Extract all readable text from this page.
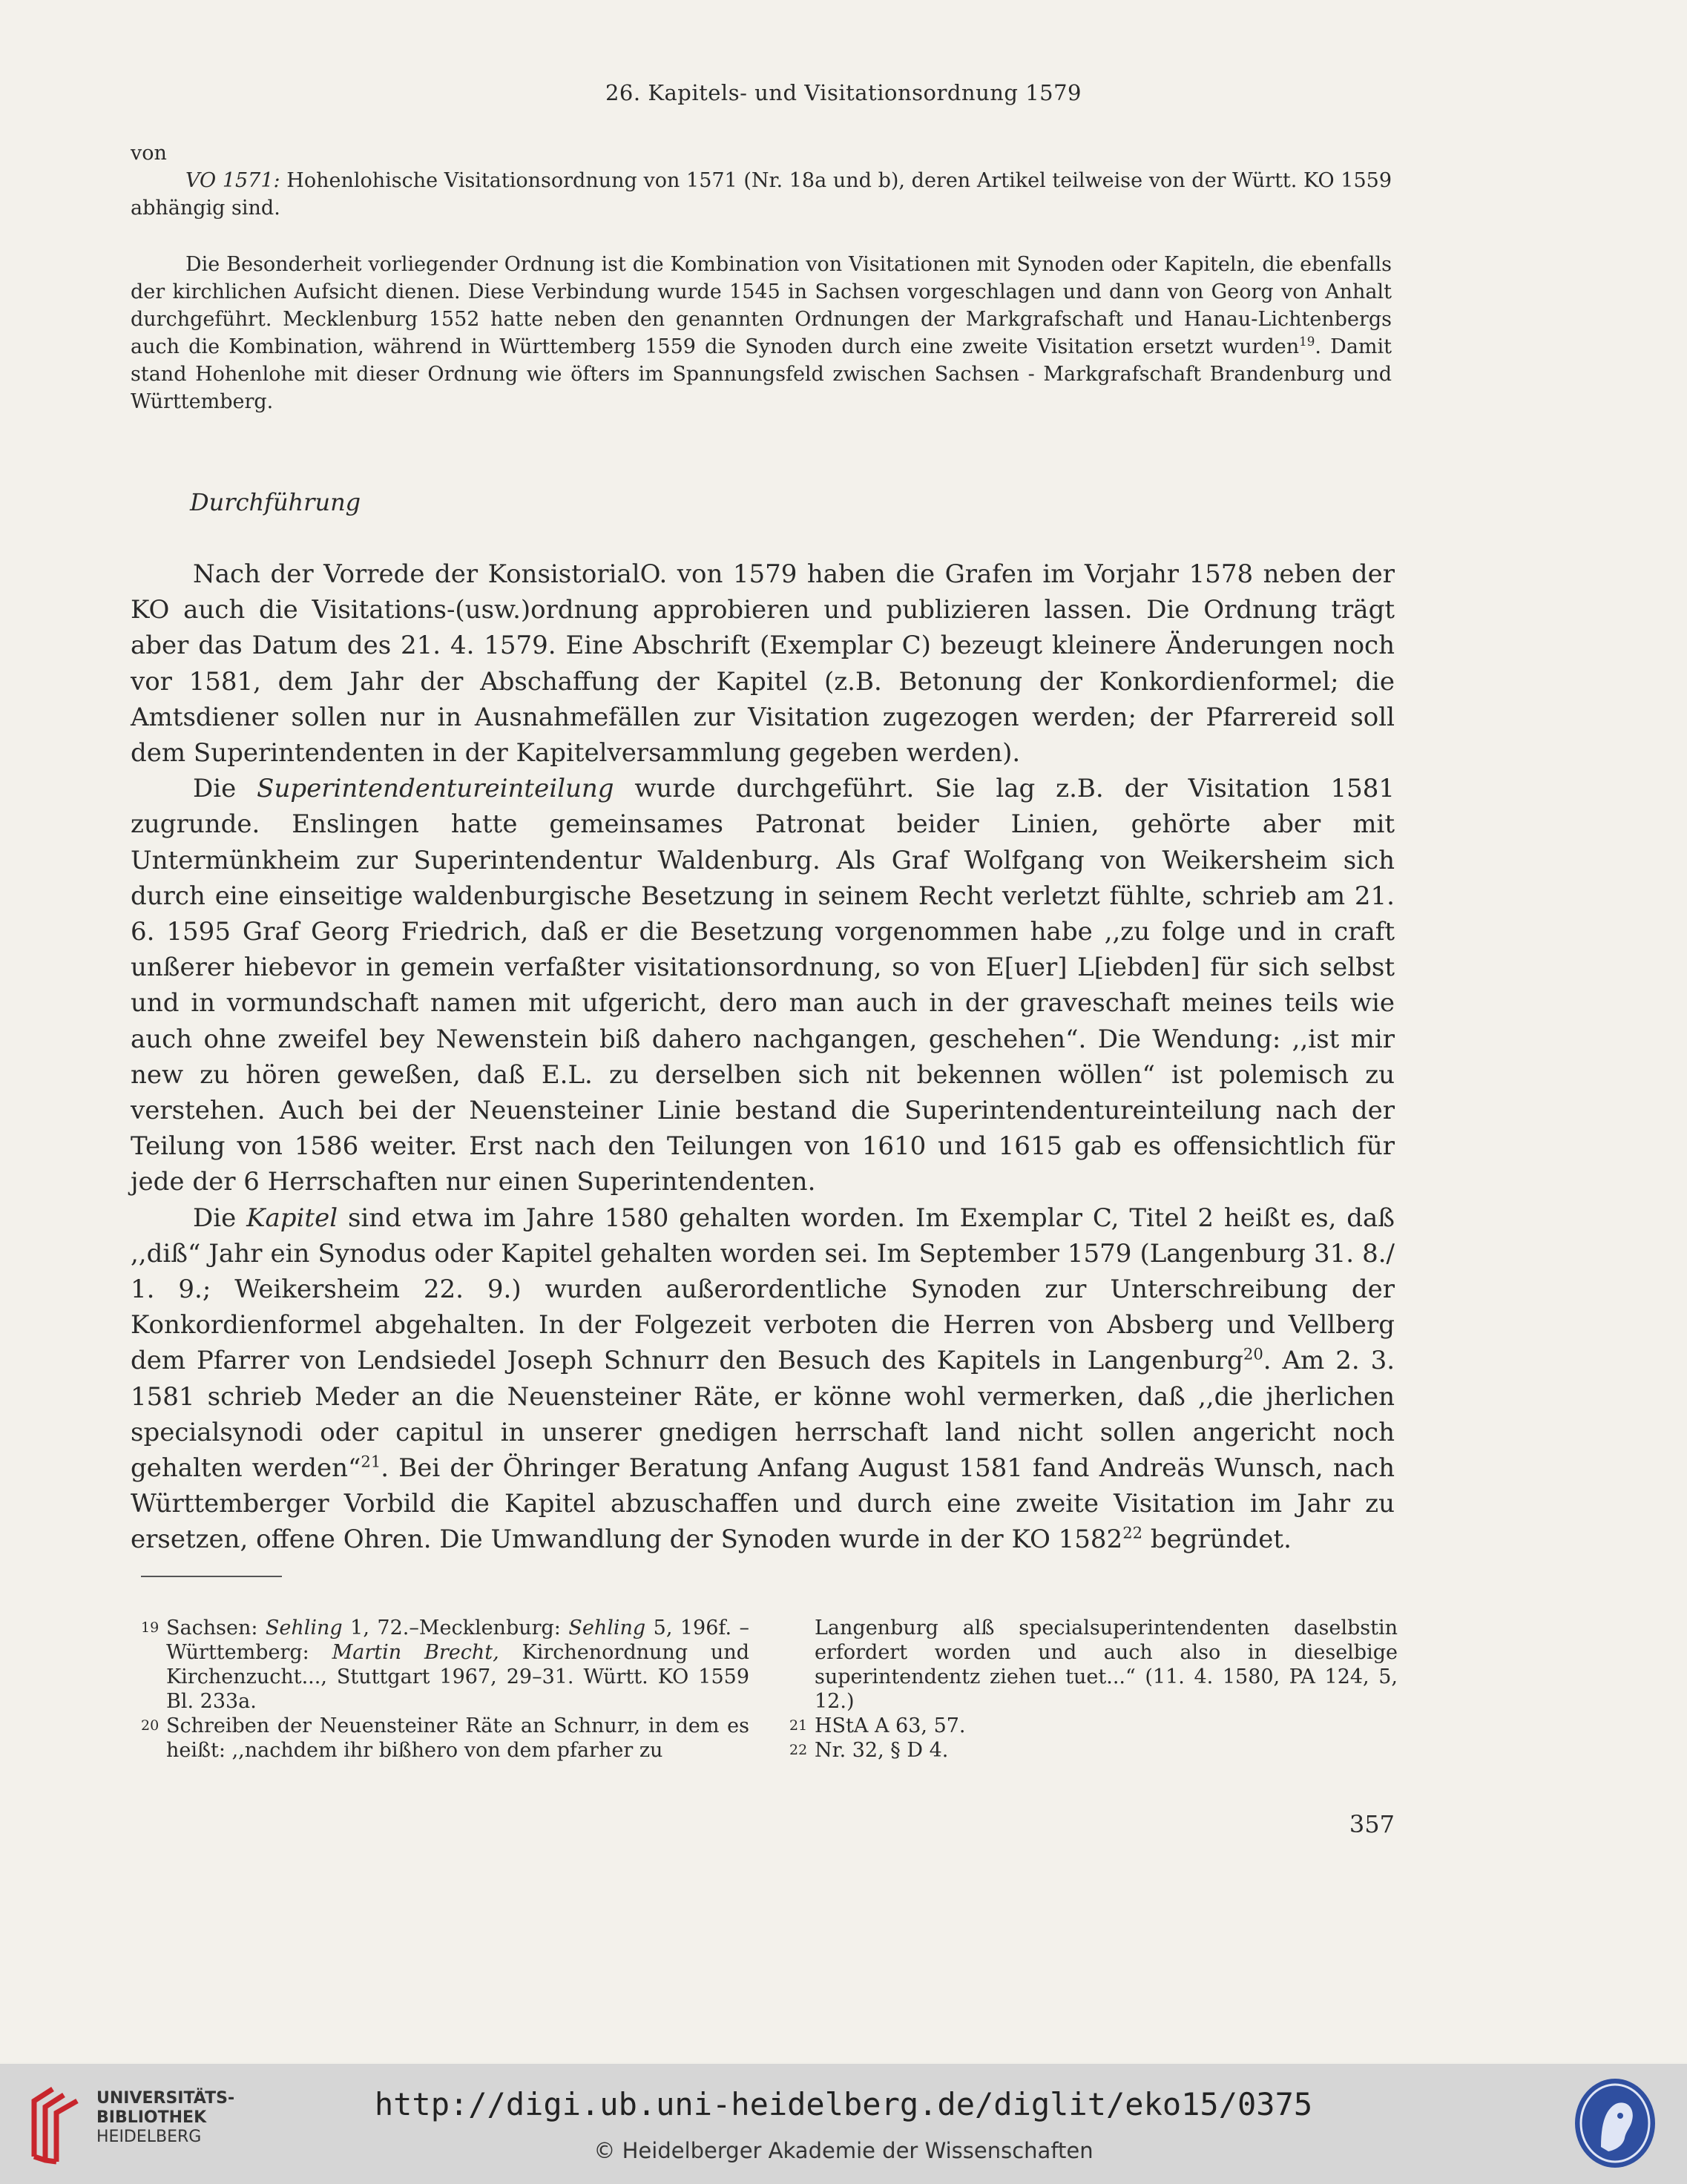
26. Kapitels- und Visitationsordnung 1579

von

VO 1571: Hohenlohische Visitationsordnung von 1571 (Nr. 18a und b), deren Artikel teilweise von der Württ. KO 1559 abhängig sind.

Die Besonderheit vorliegender Ordnung ist die Kombination von Visitationen mit Synoden oder Kapiteln, die ebenfalls der kirchlichen Aufsicht dienen. Diese Verbindung wurde 1545 in Sachsen vorgeschlagen und dann von Georg von Anhalt durchgeführt. Mecklenburg 1552 hatte neben den genannten Ordnungen der Markgrafschaft und Hanau-Lichtenbergs auch die Kombination, während in Württemberg 1559 die Synoden durch eine zweite Visitation ersetzt wurden$^{19}$. Damit stand Hohenlohe mit dieser Ordnung wie öfters im Spannungsfeld zwischen Sachsen - Markgrafschaft Brandenburg und Württemberg.
Durchführung

Nach der Vorrede der KonsistorialO. von 1579 haben die Grafen im Vorjahr 1578 neben der KO auch die Visitations-(usw.)ordnung approbieren und publizieren lassen. Die Ordnung trägt aber das Datum des 21. 4. 1579. Eine Abschrift (Exemplar C) bezeugt kleinere Änderungen noch vor 1581, dem Jahr der Abschaffung der Kapitel (z.B. Betonung der Konkordienformel; die Amtsdiener sollen nur in Ausnahmefällen zur Visitation zugezogen werden; der Pfarrereid soll dem Superintendenten in der Kapitelversammlung gegeben werden).

Die Superintendentureinteilung wurde durchgeführt. Sie lag z.B. der Visitation 1581 zugrunde. Enslingen hatte gemeinsames Patronat beider Linien, gehörte aber mit Untermünkheim zur Superintendentur Waldenburg. Als Graf Wolfgang von Weikersheim sich durch eine einseitige waldenburgische Besetzung in seinem Recht verletzt fühlte, schrieb am 21. 6. 1595 Graf Georg Friedrich, daß er die Besetzung vorgenommen habe ,,zu folge und in craft unßerer hiebevor in gemein verfaßter visitationsordnung, so von E[uer] L[iebden] für sich selbst und in vormundschaft namen mit ufgericht, dero man auch in der graveschaft meines teils wie auch ohne zweifel bey Newenstein biß dahero nachgangen, geschehen“. Die Wendung: ,,ist mir new zu hören geweßen, daß E.L. zu derselben sich nit bekennen wöllen“ ist polemisch zu verstehen. Auch bei der Neuensteiner Linie bestand die Superintendentureinteilung nach der Teilung von 1586 weiter. Erst nach den Teilungen von 1610 und 1615 gab es offensichtlich für jede der 6 Herrschaften nur einen Superintendenten.

Die Kapitel sind etwa im Jahre 1580 gehalten worden. Im Exemplar C, Titel 2 heißt es, daß ,,diß“ Jahr ein Synodus oder Kapitel gehalten worden sei. Im September 1579 (Langenburg 31. 8./ 1. 9.; Weikersheim 22. 9.) wurden außerordentliche Synoden zur Unterschreibung der Konkordienformel abgehalten. In der Folgezeit verboten die Herren von Absberg und Vellberg dem Pfarrer von Lendsiedel Joseph Schnurr den Besuch des Kapitels in Langenburg$^{20}$. Am 2. 3. 1581 schrieb Meder an die Neuensteiner Räte, er könne wohl vermerken, daß ,,die jherlichen specialsynodi oder capitul in unserer gnedigen herrschaft land nicht sollen angericht noch gehalten werden“$^{21}$. Bei der Öhringer Beratung Anfang August 1581 fand Andreäs Wunsch, nach Württemberger Vorbild die Kapitel abzuschaffen und durch eine zweite Visitation im Jahr zu ersetzen, offene Ohren. Die Umwandlung der Synoden wurde in der KO 1582$^{22}$ begründet.

19 Sachsen: Sehling 1, 72.–Mecklenburg: Sehling 5, 196f. – Württemberg: Martin Brecht, Kirchenordnung und Kirchenzucht..., Stuttgart 1967, 29–31. Württ. KO 1559 Bl. 233a.

20 Schreiben der Neuensteiner Räte an Schnurr, in dem es heißt: ,,nachdem ihr bißhero von dem pfarher zu

Langenburg alß specialsuperintendenten daselbstin erfordert worden und auch also in dieselbige superintendentz ziehen tuet...“ (11. 4. 1580, PA 124, 5, 12.)

21 HStA A 63, 57.

22 Nr. 32, § D 4.

357
UNIVERSITÄTS-
BIBLIOTHEK
HEIDELBERG
http://digi.ub.uni-heidelberg.de/diglit/eko15/0375
© Heidelberger Akademie der Wissenschaften
